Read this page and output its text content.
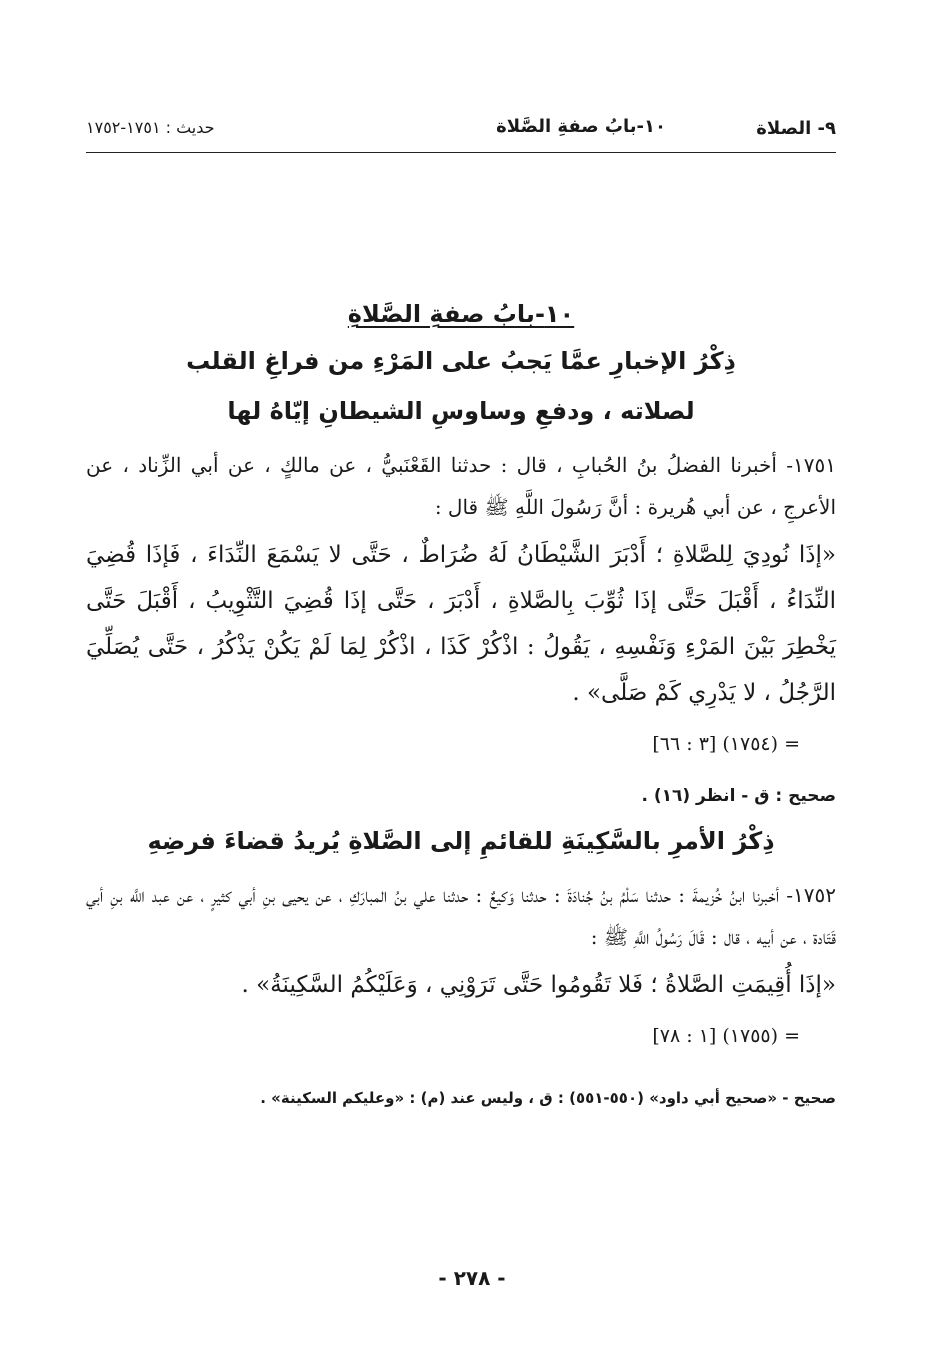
٩- الصلاة
١٠-بابُ صفةِ الصَّلاة
حديث : ١٧٥١-١٧٥٢
١٠-بابُ صفةِ الصَّلاةِ

ذِكْرُ الإخبارِ عمَّا يَجبُ على المَرْءِ من فراغِ القلب

لصلاته ، ودفعِ وساوسِ الشيطانِ إيّاهُ لها

١٧٥١- أخبرنا الفضلُ بنُ الحُبابِ ، قال : حدثنا القَعْنَبيُّ ، عن مالكٍ ، عن أبي الزِّناد ، عن الأعرجِ ، عن أبي هُريرة : أنَّ رَسُولَ اللَّهِ ﷺ قال :

«إذَا نُودِيَ لِلصَّلاةِ ؛ أَدْبَرَ الشَّيْطَانُ لَهُ ضُرَاطٌ ، حَتَّى لا يَسْمَعَ النِّدَاءَ ، فَإذَا قُضِيَ النِّدَاءُ ، أَقْبَلَ حَتَّى إذَا ثُوِّبَ بِالصَّلاةِ ، أَدْبَرَ ، حَتَّى إذَا قُضِيَ التَّثْوِيبُ ، أَقْبَلَ حَتَّى يَخْطِرَ بَيْنَ المَرْءِ وَنَفْسِهِ ، يَقُولُ : اذْكُرْ كَذَا ، اذْكُرْ لِمَا لَمْ يَكُنْ يَذْكُرُ ، حَتَّى يُصَلِّيَ الرَّجُلُ ، لا يَدْرِي كَمْ صَلَّى» .

= (١٧٥٤) [٣ : ٦٦]

صحيح : ق - انظر (١٦) .

ذِكْرُ الأمرِ بالسَّكِينَةِ للقائمِ إلى الصَّلاةِ يُريدُ قضاءَ فرضِهِ

١٧٥٢- أخبرنا ابنُ خُزيمةَ : حدثنا سَلْمُ بنُ جُنادَةَ : حدثنا وَكيعٌ : حدثنا علي بنُ المبارَكِ ، عن يحيى بنِ أبي كثيرٍ ، عن عبد اللَّه بنِ أبي قَتَادة ، عن أبيه ، قال : قَالَ رَسُولُ اللَّهِ ﷺ :

«إذَا أُقِيمَتِ الصَّلاةُ ؛ فَلا تَقُومُوا حَتَّى تَرَوْنِي ، وَعَلَيْكُمُ السَّكِينَةُ» .

= (١٧٥٥) [١ : ٧٨]

صحيح - «صحيح أبي داود» (٥٥٠-٥٥١) : ق ، وليس عند (م) : «وعليكم السكينة» .

- ٢٧٨ -
